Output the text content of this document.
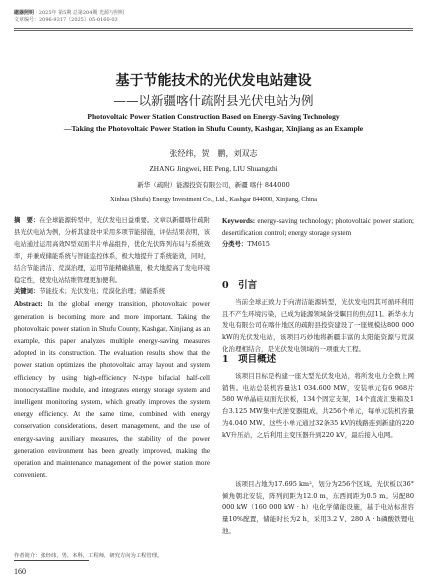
磁器照明 · 2025年 第5期 总第204期 光源与照明
文章编号：2096-9317（2025）05-0160-03
基于节能技术的光伏发电站建设
——以新疆喀什疏附县光伏电站为例
Photovoltaic Power Station Construction Based on Energy-Saving Technology
—Taking the Photovoltaic Power Station in Shufu County, Kashgar, Xinjiang as an Example
张经纬，贺　鹏，刘双志
ZHANG Jingwei, HE Peng, LIU Shuangzhi
新华（疏附）能源投资有限公司，新疆 喀什 844000
Xinhua (Shufu) Energy Investment Co., Ltd., Kashgar 844000, Xinjiang, China

摘　要：在全球能源转型中，光伏发电日益重要。文章以新疆喀什疏附县光伏电站为例，分析其建设中采用多项节能措施，评估结果表明，该电站通过运用高效N型双面半片单晶组件，优化光伏阵列布局与系统效率，并兼成储能系统与智能监控体系，极大地提升了系统能效，同时，结合节能清洁、荒漠治理，运用节能精确措施，极大地提高了发电环境稳定性，使发电站结维管理更加便利。

关键词：节能技术；光伏发电；荒漠化治理；储能系统

Abstract: In the global energy transition, photovoltaic power generation is becoming more and more important. Taking the photovoltaic power station in Shufu County, Kashgar, Xinjiang as an example, this paper analyzes multiple energy-saving measures adopted in its construction. The evaluation results show that the power station optimizes the photovoltaic array layout and system efficiency by using high-efficiency N-type bifacial half-cell monocrystalline module, and integrates energy storage system and intelligent monitoring system, which greatly improves the system energy efficiency. At the same time, combined with energy conservation considerations, desert management, and the use of energy-saving auxiliary measures, the stability of the power generation environment has been greatly improved, making the operation and maintenance management of the power station more convenient.

Keywords: energy-saving technology; photovoltaic power station; desertification control; energy storage system

分类号：TM615

0　引言
当前全球正致力于向清洁能源转型，光伏发电因其可循环利用且不产生环境污染，已成为能源领域备受瞩目的焦点[1]。新华水力发电有限公司在喀什地区的疏附县投资建设了一座规模达800 000 kW的光伏发电站，该项目巧妙地将新疆丰富的太阳能资源与荒漠化治理相结合，是光伏发电领域的一项重大工程。
1　项目概述
该项目目标是构建一座大型光伏发电站，将所发电力全数上网销售。电站总装机容量达1 034.600 MW，安装单元有6 968片580 W单晶硅双面光伏板，134个固定支架，14个直流汇集箱及1台3.125 MW集中式逆变器组成，共256个单元，每单元装机容量为4.040 MW。这些小单元通过32条35 kV的线路连到新建的220 kV升压站，之后利用主变压器升到220 kV，最后接入电网。
该项目占地为17.695 km²，划分为256个区域。光伏板以36°倾角朝北安装，阵列间距为12.0 m，东西间距为0.5 m。另配80 000 kW（160 000 kW · h）电化学储能设施，基于电站标准容量10%配置，储能时长为2 h，采用3.2 V、280 A · h磷酸铁锂电池。
作者简介：张经纬，男，本科，工程师，研究方向为工程管理。
160
